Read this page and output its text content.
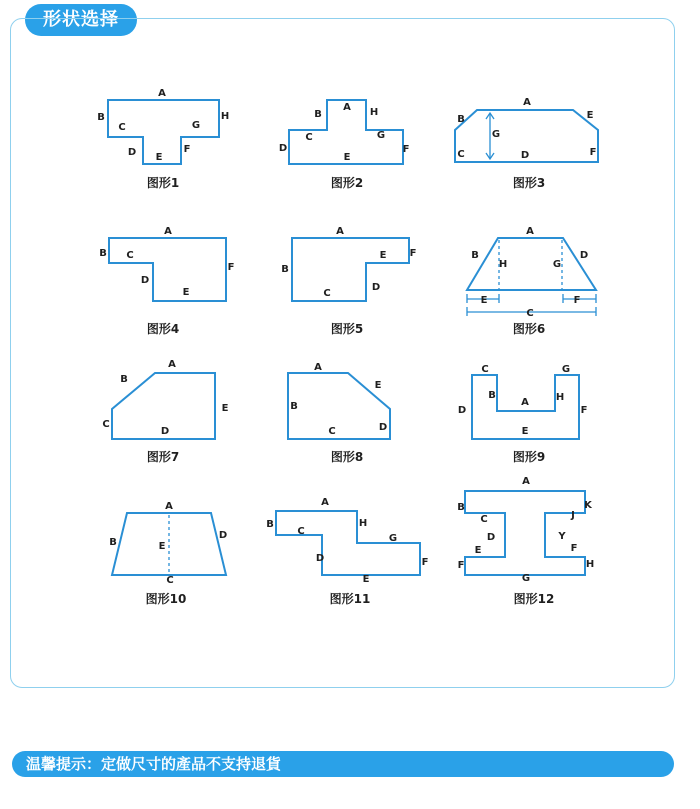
形状选择
A
B
C
D E
F
G
H
图形1
A
B
C
D
E
F
G
H
图形2
A
B
C	D
E
F
G
图形3
A
B C
D
E
F
图形4
A
B
C
D
E F
图形5
A
B
C
D
E	F
G
H
图形6
A
B
C
D
E
图形7
A
B
C	D
E
图形8
A
B
C
D
E
F
G
H
图形9
A
B
C
D
E
图形10
A
B
C
D
E
F
G
H
图形11
A
B
C
D
E
F
G
H
J
K
Y
F
图形12
温馨提示：定做尺寸的產品不支持退貨
